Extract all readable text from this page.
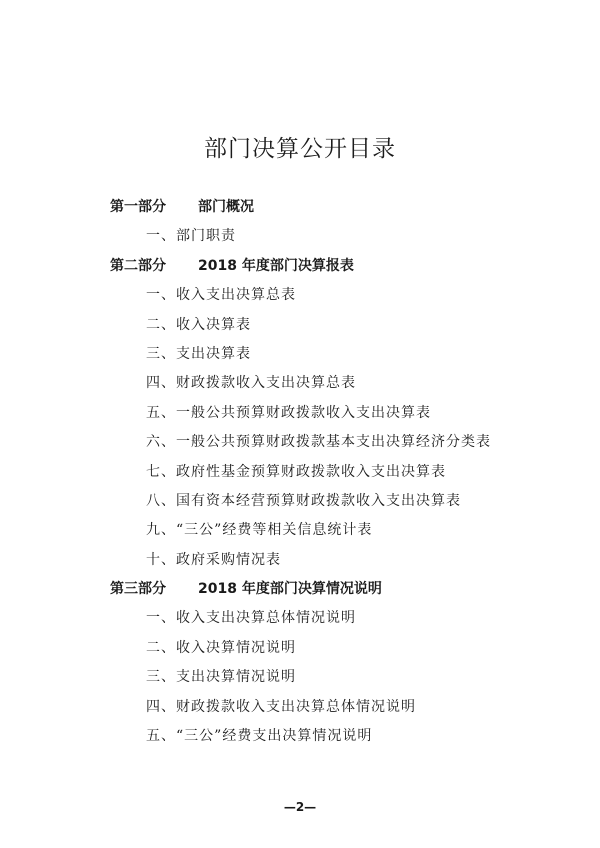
部门决算公开目录
第一部分 部门概况
一、部门职责
第二部分 2018 年度部门决算报表
一、收入支出决算总表
二、收入决算表
三、支出决算表
四、财政拨款收入支出决算总表
五、一般公共预算财政拨款收入支出决算表
六、一般公共预算财政拨款基本支出决算经济分类表
七、政府性基金预算财政拨款收入支出决算表
八、国有资本经营预算财政拨款收入支出决算表
九、“三公”经费等相关信息统计表
十、政府采购情况表
第三部分 2018 年度部门决算情况说明
一、收入支出决算总体情况说明
二、收入决算情况说明
三、支出决算情况说明
四、财政拨款收入支出决算总体情况说明
五、“三公”经费支出决算情况说明
—2—
